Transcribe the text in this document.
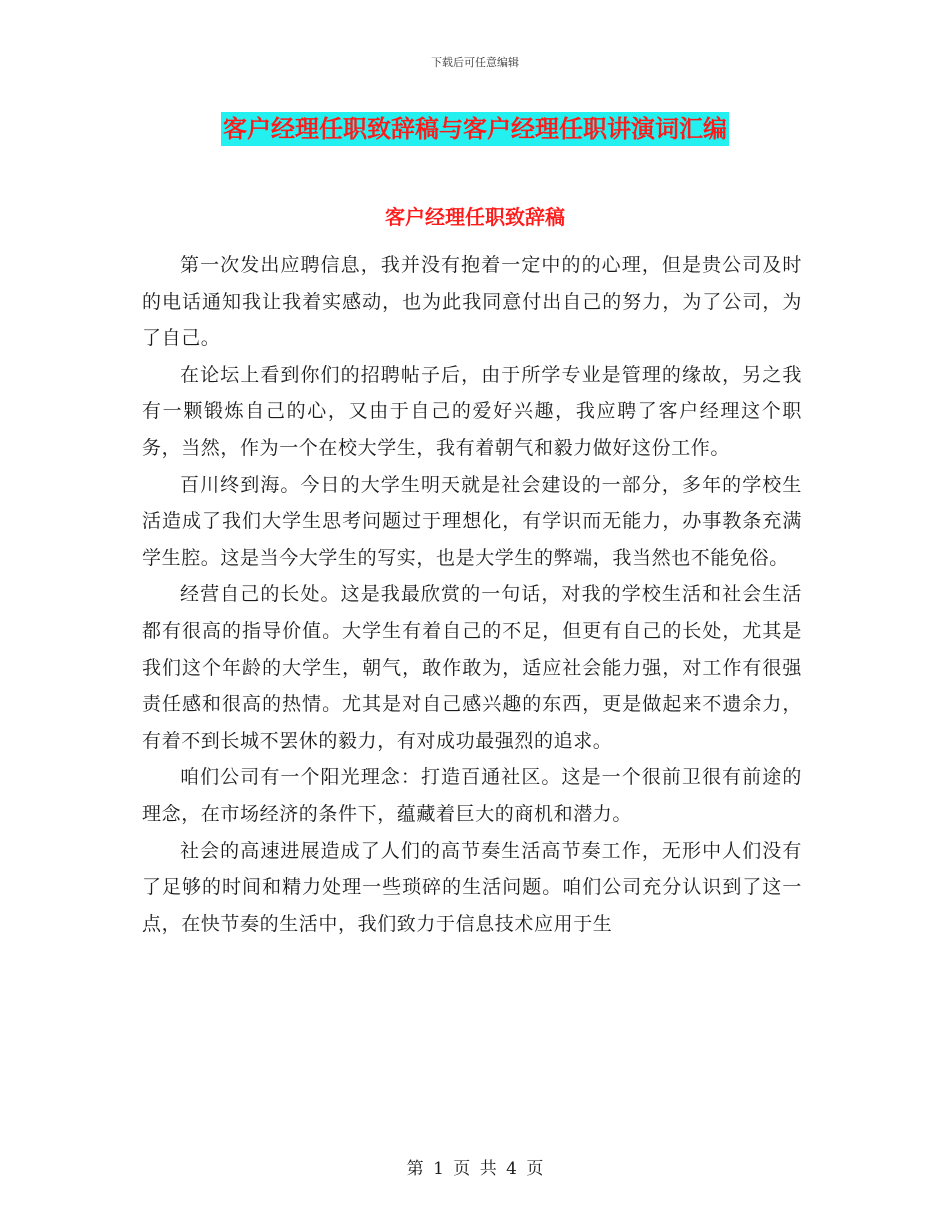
下载后可任意编辑
客户经理任职致辞稿与客户经理任职讲演词汇编
客户经理任职致辞稿

第一次发出应聘信息，我并没有抱着一定中的的心理，但是贵公司及时的电话通知我让我着实感动，也为此我同意付出自己的努力，为了公司，为了自己。

在论坛上看到你们的招聘帖子后，由于所学专业是管理的缘故，另之我有一颗锻炼自己的心，又由于自己的爱好兴趣，我应聘了客户经理这个职务，当然，作为一个在校大学生，我有着朝气和毅力做好这份工作。

百川终到海。今日的大学生明天就是社会建设的一部分，多年的学校生活造成了我们大学生思考问题过于理想化，有学识而无能力，办事教条充满学生腔。这是当今大学生的写实，也是大学生的弊端，我当然也不能免俗。

经营自己的长处。这是我最欣赏的一句话，对我的学校生活和社会生活都有很高的指导价值。大学生有着自己的不足，但更有自己的长处，尤其是我们这个年龄的大学生，朝气，敢作敢为，适应社会能力强，对工作有很强责任感和很高的热情。尤其是对自己感兴趣的东西，更是做起来不遗余力，有着不到长城不罢休的毅力，有对成功最强烈的追求。

咱们公司有一个阳光理念：打造百通社区。这是一个很前卫很有前途的理念，在市场经济的条件下，蕴藏着巨大的商机和潜力。

社会的高速进展造成了人们的高节奏生活高节奏工作，无形中人们没有了足够的时间和精力处理一些琐碎的生活问题。咱们公司充分认识到了这一点，在快节奏的生活中，我们致力于信息技术应用于生

第 1 页 共 4 页
